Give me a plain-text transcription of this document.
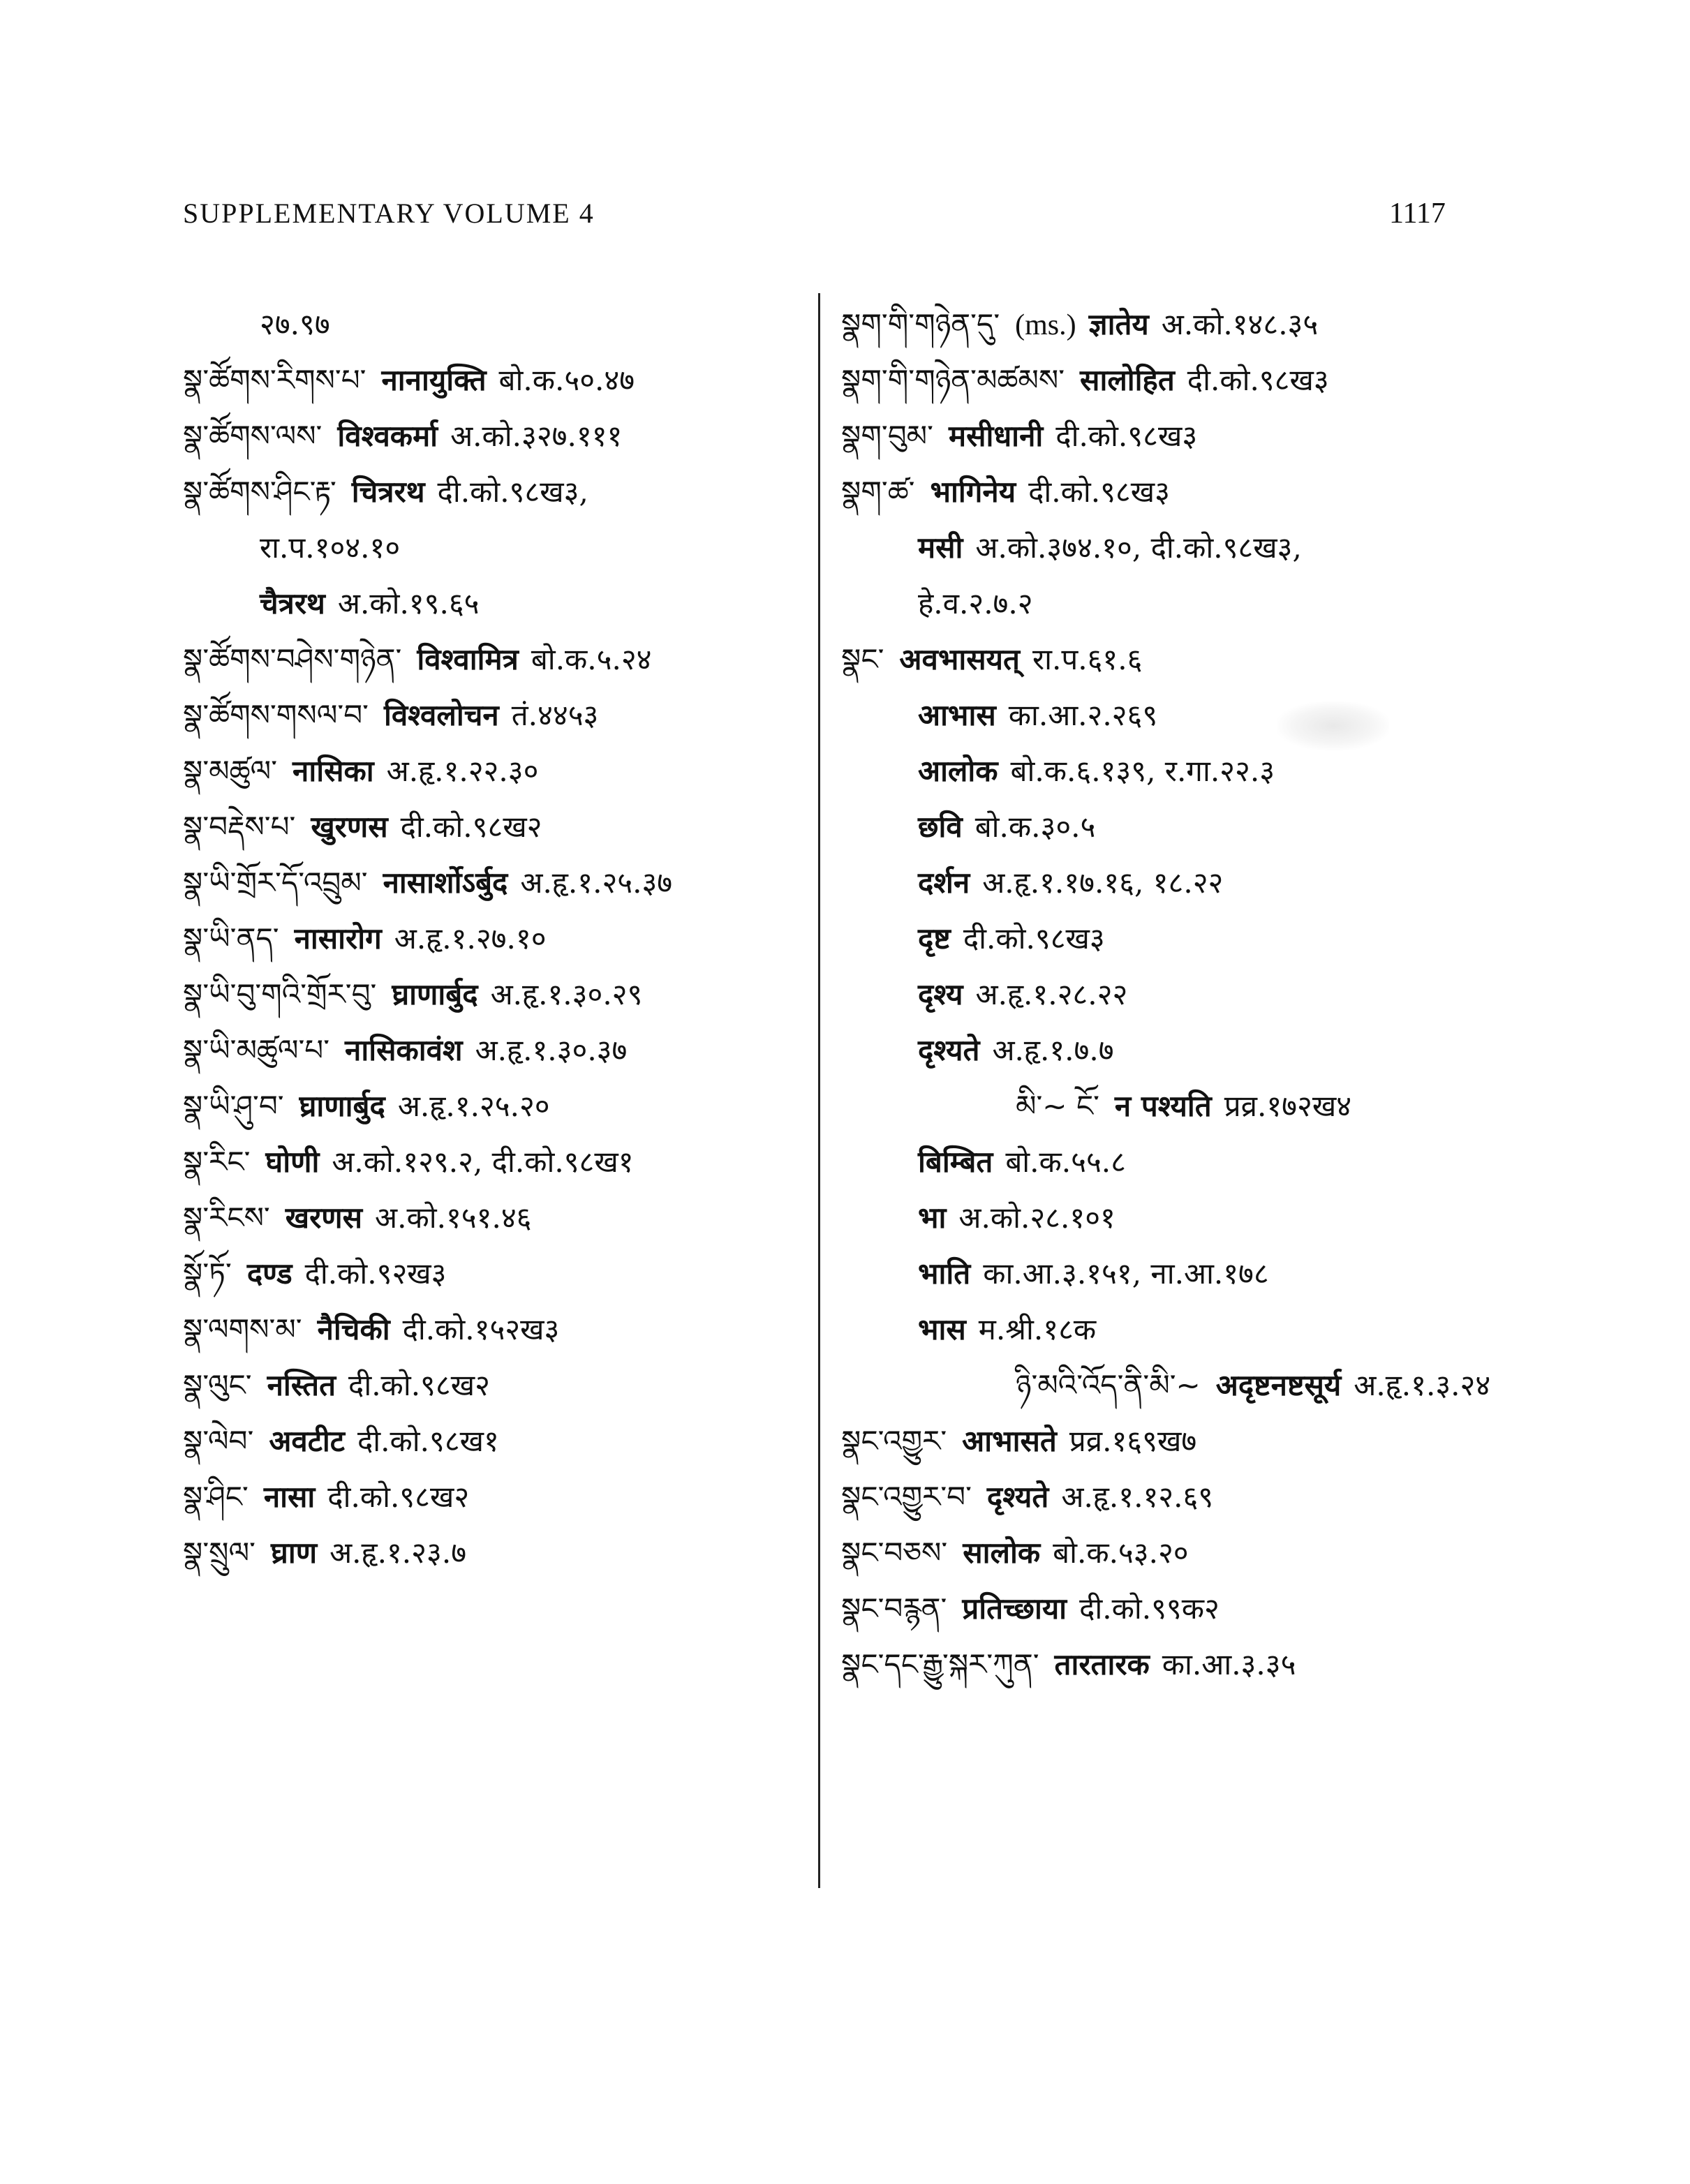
SUPPLEMENTARY VOLUME 4	1117
२७.९७
སྣ་ཚོགས་རིགས་པ་ नानायुक्ति बो.क.५०.४७
སྣ་ཚོགས་ལས་ विश्वकर्मा अ.को.३२७.१११
སྣ་ཚོགས་ཤིང་རྟ་ चित्ररथ दी.को.९८ख३,
रा.प.१०४.१०
चैत्ररथ अ.को.१९.६५
སྣ་ཚོགས་བཤེས་གཉེན་ विश्वामित्र बो.क.५.२४
སྣ་ཚོགས་གསལ་བ་ विश्वलोचन तं.४४५३
སྣ་མཚུལ་ नासिका अ.हृ.१.२२.३०
སྣ་བརྡེས་པ་ खुरणस दी.को.९८ख२
སྣ་ཡི་གྲོར་དོ་འབྲུམ་ नासार्शोऽर्बुद अ.हृ.१.२५.३७
སྣ་ཡི་ནད་ नासारोग अ.हृ.१.२७.१०
སྣ་ཡི་བུ་གའི་གྲོར་བུ་ घ्राणार्बुद अ.हृ.१.३०.२९
སྣ་ཡི་མཚུལ་པ་ नासिकावंश अ.हृ.१.३०.३७
སྣ་ཡི་ཤུ་བ་ घ्राणार्बुद अ.हृ.१.२५.२०
སྣ་རིང་ घोणी अ.को.१२९.२, दी.को.९८ख१
སྣ་རིངས་ खरणस अ.को.१५१.४६
སྣོ་ཏོ་ दण्ड दी.को.९२ख३
སྣ་ལགས་མ་ नैचिकी दी.को.१५२ख३
སྣ་ལུང་ नस्तित दी.को.९८ख२
སྣ་ལེབ་ अवटीट दी.को.९८ख१
སྣ་ཤིང་ नासा दी.को.९८ख२
སྣ་སྲུལ་ घ्राण अ.हृ.१.२३.७
སྣག་གི་གཉེན་དུ་ (ms.) ज्ञातेय अ.को.१४८.३५
སྣག་གི་གཉེན་མཚམས་ सालोहित दी.को.९८ख३
སྣག་བུམ་ मसीधानी दी.को.९८ख३
སྣག་ཚ་ भागिनेय दी.को.९८ख३
मसी अ.को.३७४.१०, दी.को.९८ख३,
हे.व.२.७.२
སྣང་ अवभासयत् रा.प.६१.६
आभास का.आ.२.२६९
आलोक बो.क.६.१३९, र.गा.२२.३
छवि बो.क.३०.५
दर्शन अ.हृ.१.१७.१६, १८.२२
दृष्ट दी.को.९८ख३
दृश्य अ.हृ.१.२८.२२
दृश्यते अ.हृ.१.७.७
མི་~ ངོ་ न पश्यति प्रव्र.१७२ख४
बिम्बित बो.क.५५.८
भा अ.को.२८.१०१
भाति का.आ.३.१५१, ना.आ.१७८
भास म.श्री.१८क
ཉི་མའི་འོད་ནི་མི་~ अदृष्टनष्टसूर्य अ.हृ.१.३.२४
སྣང་འགྱུར་ आभासते प्रव्र.१६९ख७
སྣང་འགྱུར་བ་ दृश्यते अ.हृ.१.१२.६९
སྣང་བཅས་ सालोक बो.क.५३.२०
སྣང་བརྙན་ प्रतिच्छाया दी.को.९९क२
སྣང་དང་རྒྱུ་སྐར་ཀུན་ तारतारक का.आ.३.३५
